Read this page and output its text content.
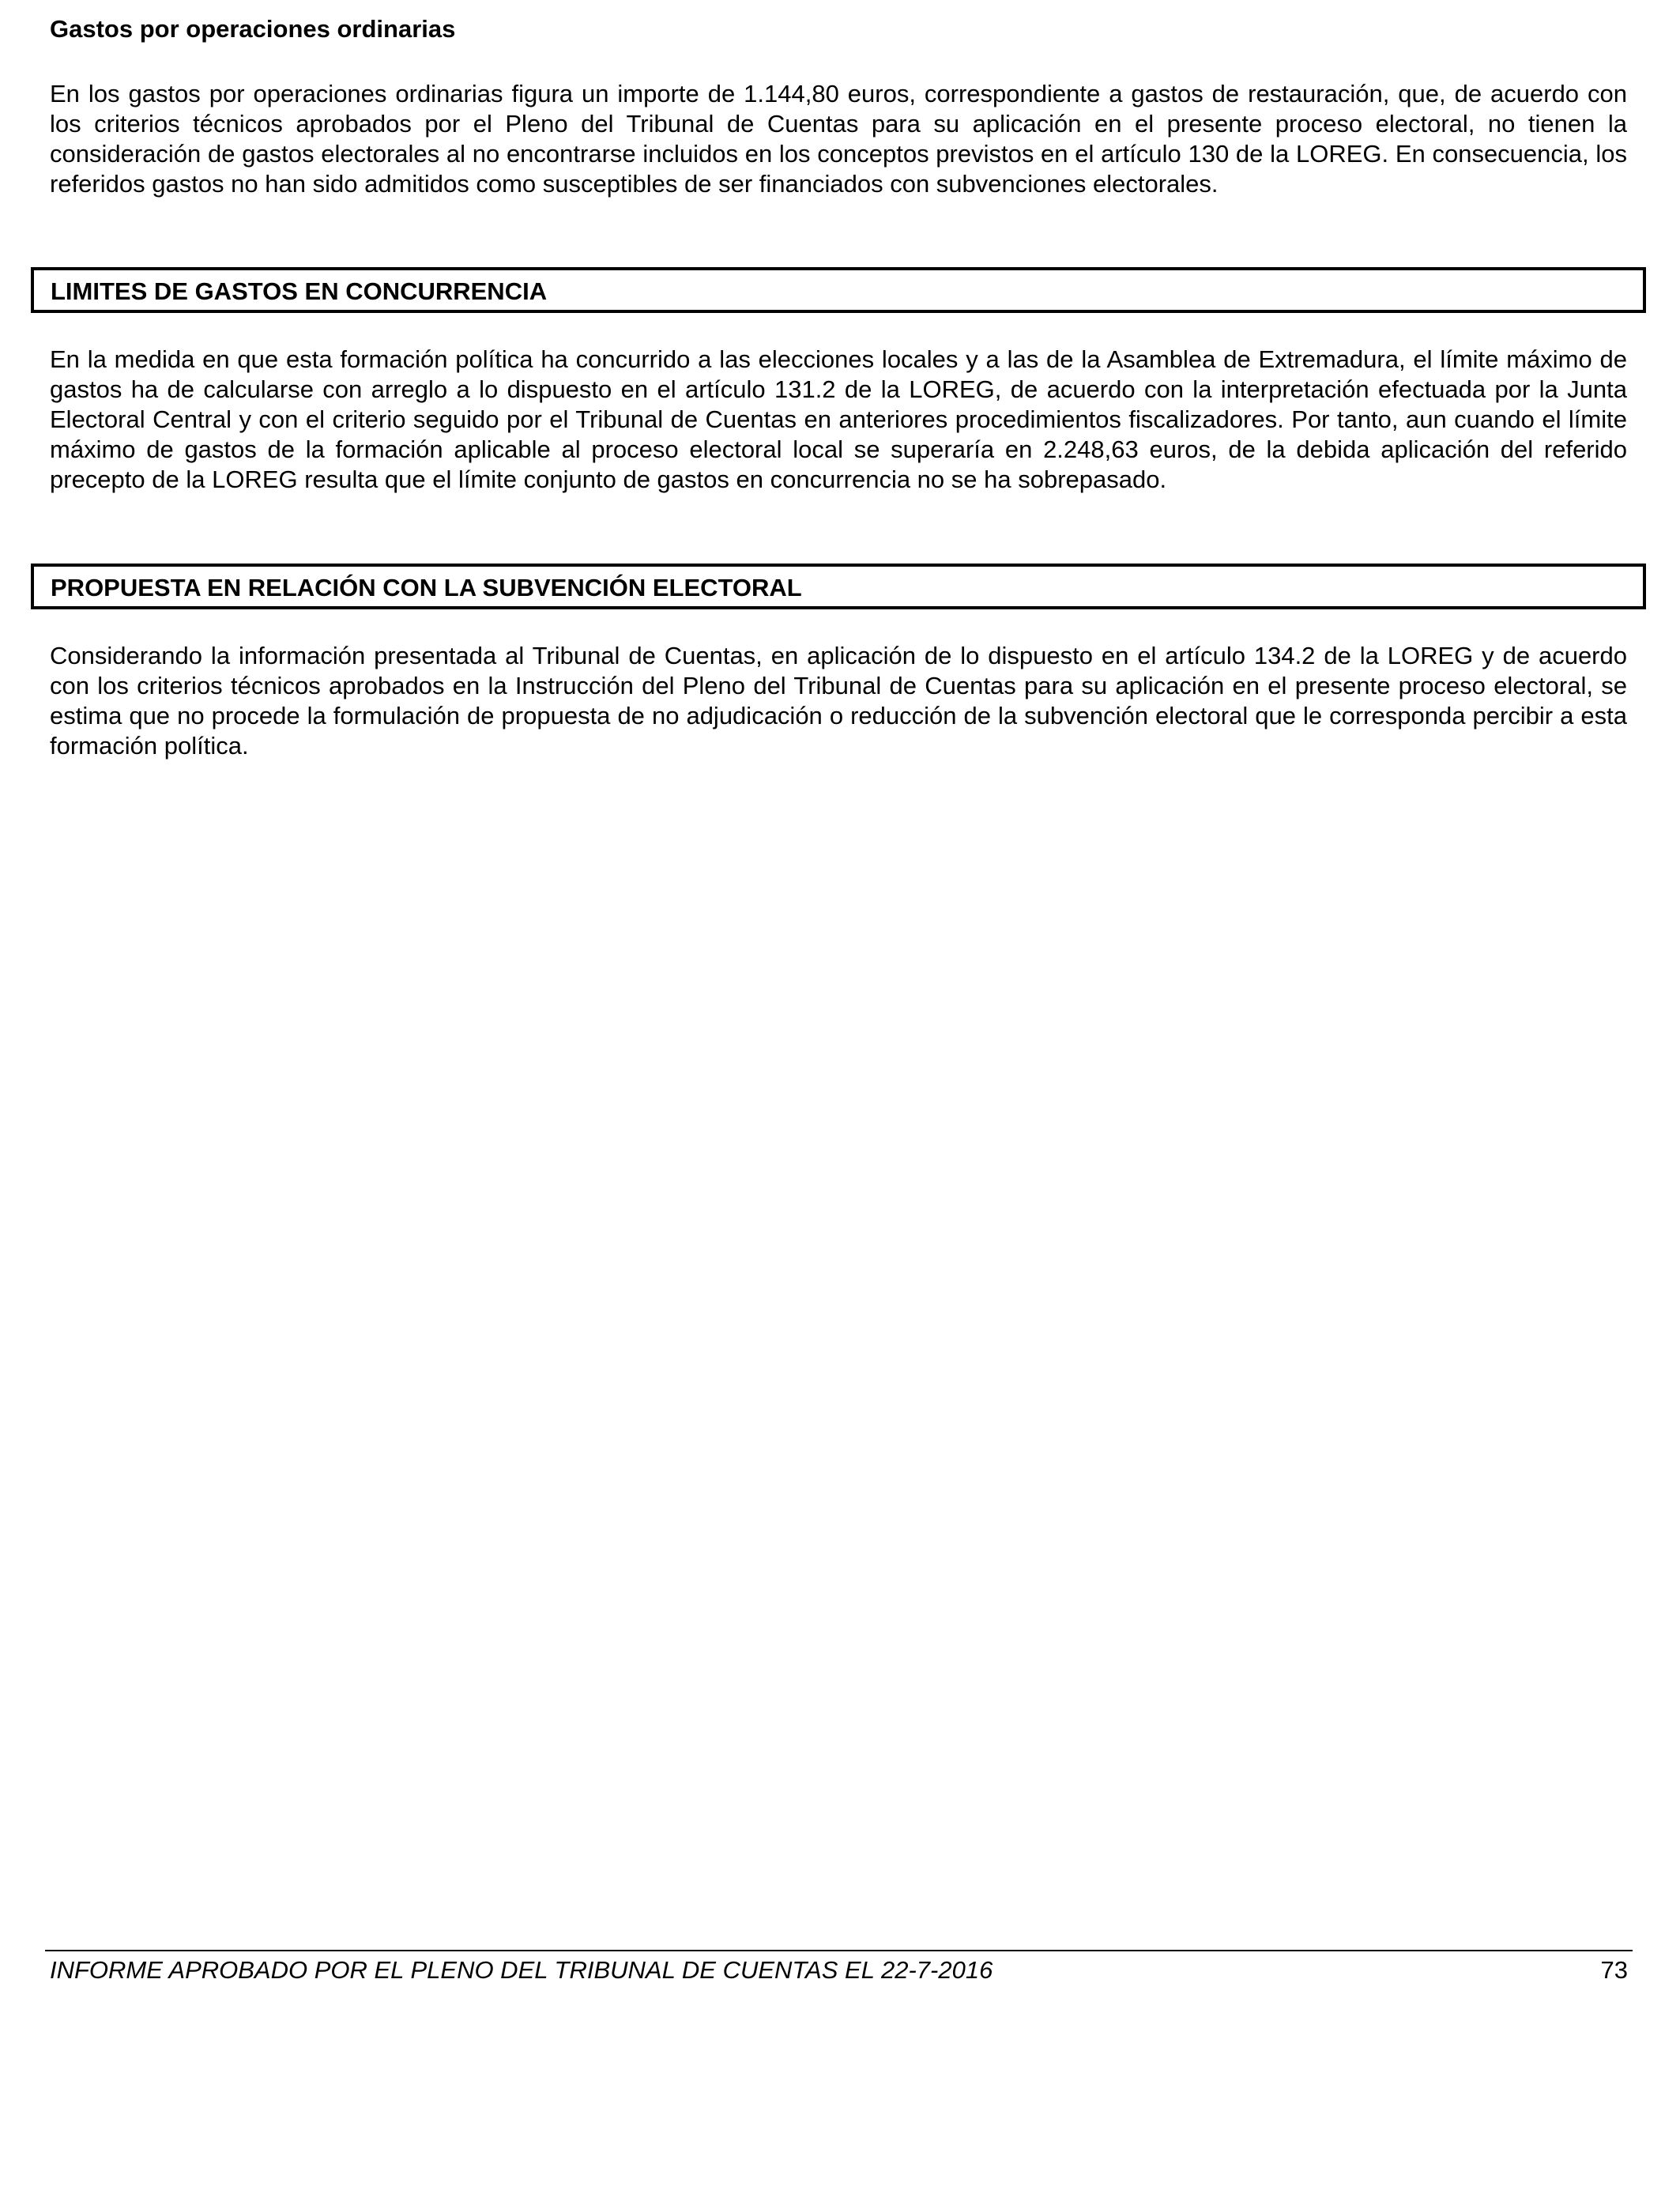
Gastos por operaciones ordinarias

En los gastos por operaciones ordinarias figura un importe de 1.144,80 euros, correspondiente a gastos de restauración, que, de acuerdo con los criterios técnicos aprobados por el Pleno del Tribunal de Cuentas para su aplicación en el presente proceso electoral, no tienen la consideración de gastos electorales al no encontrarse incluidos en los conceptos previstos en el artículo 130 de la LOREG. En consecuencia, los referidos gastos no han sido admitidos como susceptibles de ser financiados con subvenciones electorales.

LIMITES DE GASTOS EN CONCURRENCIA

En la medida en que esta formación política ha concurrido a las elecciones locales y a las de la Asamblea de Extremadura, el límite máximo de gastos ha de calcularse con arreglo a lo dispuesto en el artículo 131.2 de la LOREG, de acuerdo con la interpretación efectuada por la Junta Electoral Central y con el criterio seguido por el Tribunal de Cuentas en anteriores procedimientos fiscalizadores. Por tanto, aun cuando el límite máximo de gastos de la formación aplicable al proceso electoral local se superaría en 2.248,63 euros, de la debida aplicación del referido precepto de la LOREG resulta que el límite conjunto de gastos en concurrencia no se ha sobrepasado.

PROPUESTA EN RELACIÓN CON LA SUBVENCIÓN ELECTORAL

Considerando la información presentada al Tribunal de Cuentas, en aplicación de lo dispuesto en el artículo 134.2 de la LOREG y de acuerdo con los criterios técnicos aprobados en la Instrucción del Pleno del Tribunal de Cuentas para su aplicación en el presente proceso electoral, se estima que no procede la formulación de propuesta de no adjudicación o reducción de la subvención electoral que le corresponda percibir a esta formación política.

INFORME APROBADO POR EL PLENO DEL TRIBUNAL DE CUENTAS EL 22-7-2016	73
